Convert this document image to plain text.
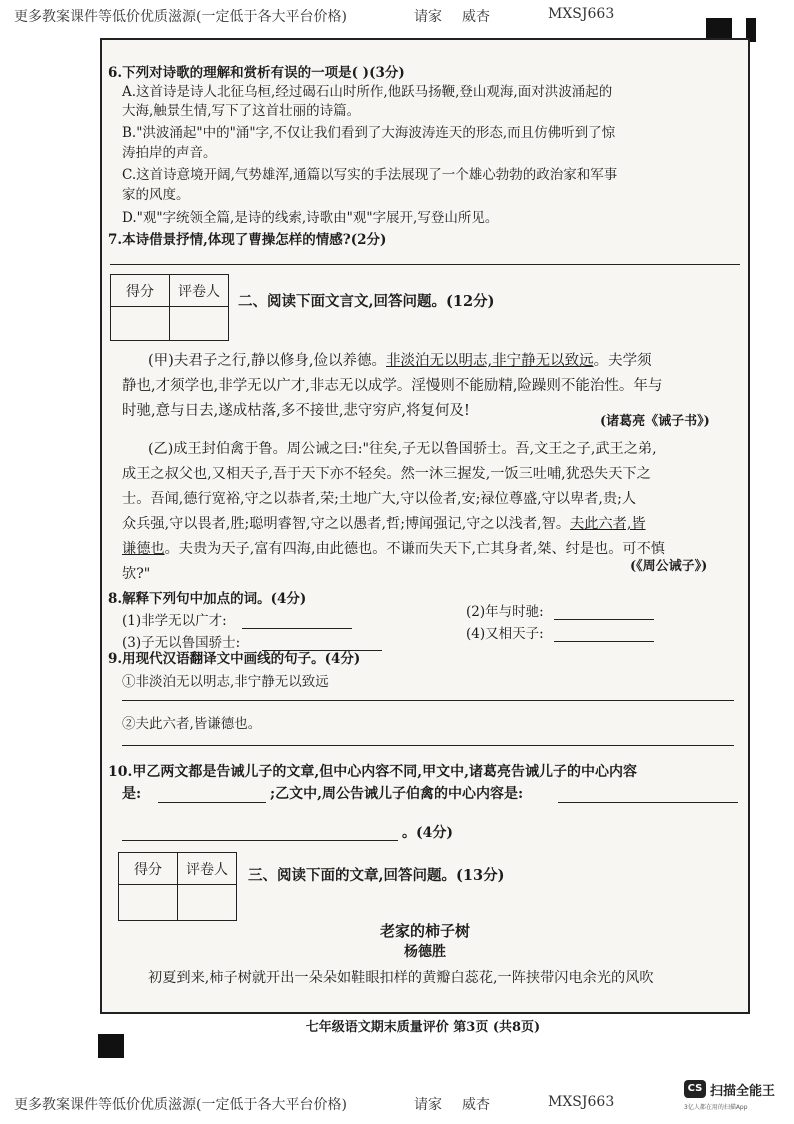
更多教案课件等低价优质滋源(一定低于各大平台价格)	请家 威杏	MXSJ663
6.下列对诗歌的理解和赏析有误的一项是( )(3分)
A.这首诗是诗人北征乌桓,经过碣石山时所作,他跃马扬鞭,登山观海,面对洪波涌起的
大海,触景生情,写下了这首壮丽的诗篇。
B."洪波涌起"中的"涌"字,不仅让我们看到了大海波涛连天的形态,而且仿佛听到了惊
涛拍岸的声音。
C.这首诗意境开阔,气势雄浑,通篇以写实的手法展现了一个雄心勃勃的政治家和军事
家的风度。
D."观"字统领全篇,是诗的线索,诗歌由"观"字展开,写登山所见。
7.本诗借景抒情,体现了曹操怎样的情感?(2分)
得分	评卷人

二、阅读下面文言文,回答问题。(12分)
(甲)夫君子之行,静以修身,俭以养德。非淡泊无以明志,非宁静无以致远。夫学须
静也,才须学也,非学无以广才,非志无以成学。淫慢则不能励精,险躁则不能治性。年与
时驰,意与日去,遂成枯落,多不接世,悲守穷庐,将复何及!
(诸葛亮《诫子书》)
(乙)成王封伯禽于鲁。周公诫之曰:"往矣,子无以鲁国骄士。吾,文王之子,武王之弟,
成王之叔父也,又相天子,吾于天下亦不轻矣。然一沐三握发,一饭三吐哺,犹恐失天下之
士。吾闻,德行宽裕,守之以恭者,荣;土地广大,守以俭者,安;禄位尊盛,守以卑者,贵;人
众兵强,守以畏者,胜;聪明睿智,守之以愚者,哲;博闻强记,守之以浅者,智。夫此六者,皆
谦德也。夫贵为天子,富有四海,由此德也。不谦而失天下,亡其身者,桀、纣是也。可不慎
欤?"	(《周公诫子》)
8.解释下列句中加点的词。(4分)
(1)非学无以广才:
(2)年与时驰:
(3)子无以鲁国骄士:
(4)又相天子:
9.用现代汉语翻译文中画线的句子。(4分)
①非淡泊无以明志,非宁静无以致远
②夫此六者,皆谦德也。
10.甲乙两文都是告诫儿子的文章,但中心内容不同,甲文中,诸葛亮告诫儿子的中心内容
是:	;乙文中,周公告诫儿子伯禽的中心内容是:
。(4分)
得分	评卷人
	三、阅读下面的文章,回答问题。(13分)
老家的柿子树
杨德胜
初夏到来,柿子树就开出一朵朵如鞋眼扣样的黄瓣白蕊花,一阵挟带闪电余光的风吹
七年级语文期末质量评价 第3页 (共8页)
更多教案课件等低价优质滋源(一定低于各大平台价格)	请家 威杏	MXSJ663
CS 扫描全能王
3亿人都在用的扫描App
